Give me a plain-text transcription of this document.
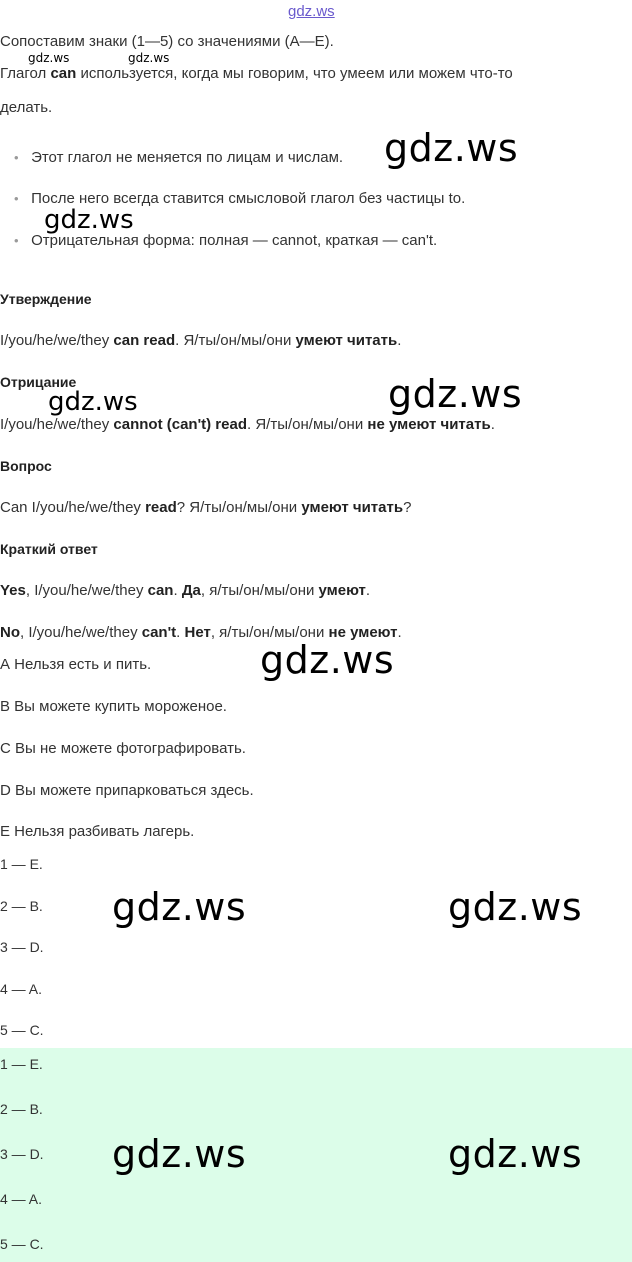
gdz.ws
Сопоставим знаки (1—5) со значениями (А—Е).
Глагол can используется, когда мы говорим, что умеем или можем что-то
делать.
• Этот глагол не меняется по лицам и числам.
• После него всегда ставится смысловой глагол без частицы to.
• Отрицательная форма: полная — cannot, краткая — can't.
Утверждение
I/you/he/we/they can read. Я/ты/он/мы/они умеют читать.
Отрицание
I/you/he/we/they cannot (can't) read. Я/ты/он/мы/они не умеют читать.
Вопрос
Can I/you/he/we/they read? Я/ты/он/мы/они умеют читать?
Краткий ответ
Yes, I/you/he/we/they can. Да, я/ты/он/мы/они умеют.
No, I/you/he/we/they can't. Нет, я/ты/он/мы/они не умеют.
А Нельзя есть и пить.
В Вы можете купить мороженое.
С Вы не можете фотографировать.
D Вы можете припарковаться здесь.
Е Нельзя разбивать лагерь.
1 — E.
2 — B.
3 — D.
4 — A.
5 — C.
1 — E.
2 — B.
3 — D.
4 — A.
5 — C.
gdz.ws	gdz.ws
gdz.ws
gdz.ws
gdz.ws	gdz.ws
gdz.ws
gdz.ws	gdz.ws
gdz.ws	gdz.ws
